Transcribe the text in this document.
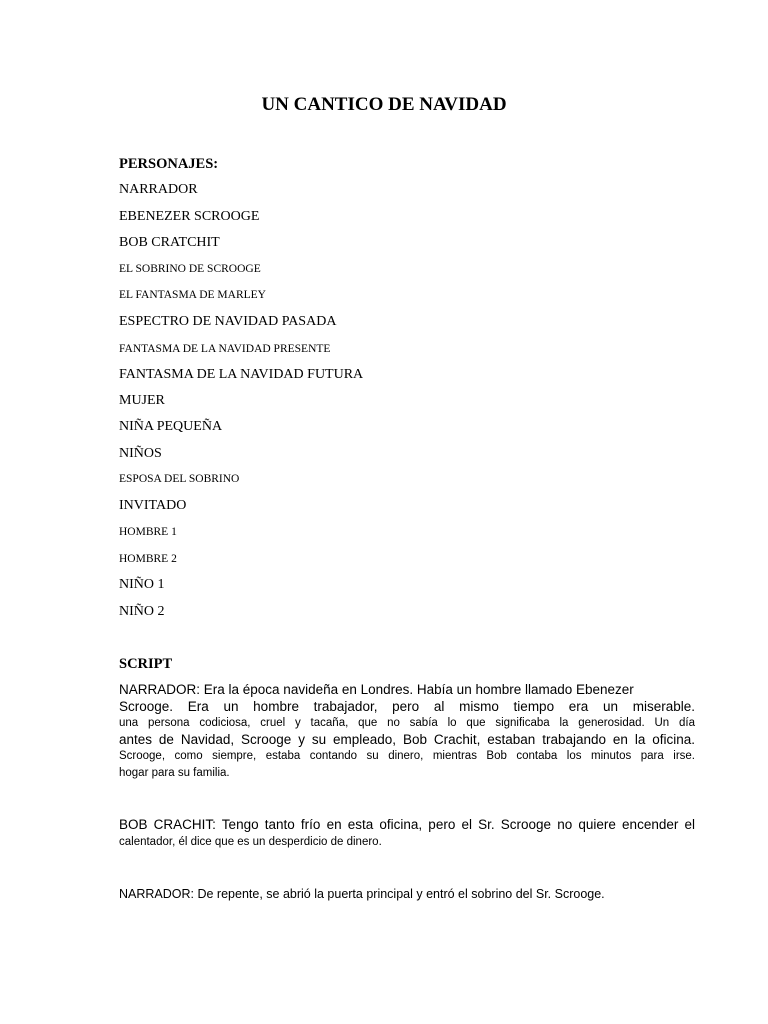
UN CANTICO DE NAVIDAD
PERSONAJES:
NARRADOR
EBENEZER SCROOGE
BOB CRATCHIT
EL SOBRINO DE SCROOGE
EL FANTASMA DE MARLEY
ESPECTRO DE NAVIDAD PASADA
FANTASMA DE LA NAVIDAD PRESENTE
FANTASMA DE LA NAVIDAD FUTURA
MUJER
NIÑA PEQUEÑA
NIÑOS
ESPOSA DEL SOBRINO
INVITADO
HOMBRE 1
HOMBRE 2
NIÑO 1
NIÑO 2
SCRIPT
NARRADOR: Era la época navideña en Londres. Había un hombre llamado Ebenezer
Scrooge. Era un hombre trabajador, pero al mismo tiempo era un miserable.
una persona codiciosa, cruel y tacaña, que no sabía lo que significaba la generosidad. Un día
antes de Navidad, Scrooge y su empleado, Bob Crachit, estaban trabajando en la oficina.
Scrooge, como siempre, estaba contando su dinero, mientras Bob contaba los minutos para irse.
hogar para su familia.
BOB CRACHIT: Tengo tanto frío en esta oficina, pero el Sr. Scrooge no quiere encender el
calentador, él dice que es un desperdicio de dinero.
NARRADOR: De repente, se abrió la puerta principal y entró el sobrino del Sr. Scrooge.
